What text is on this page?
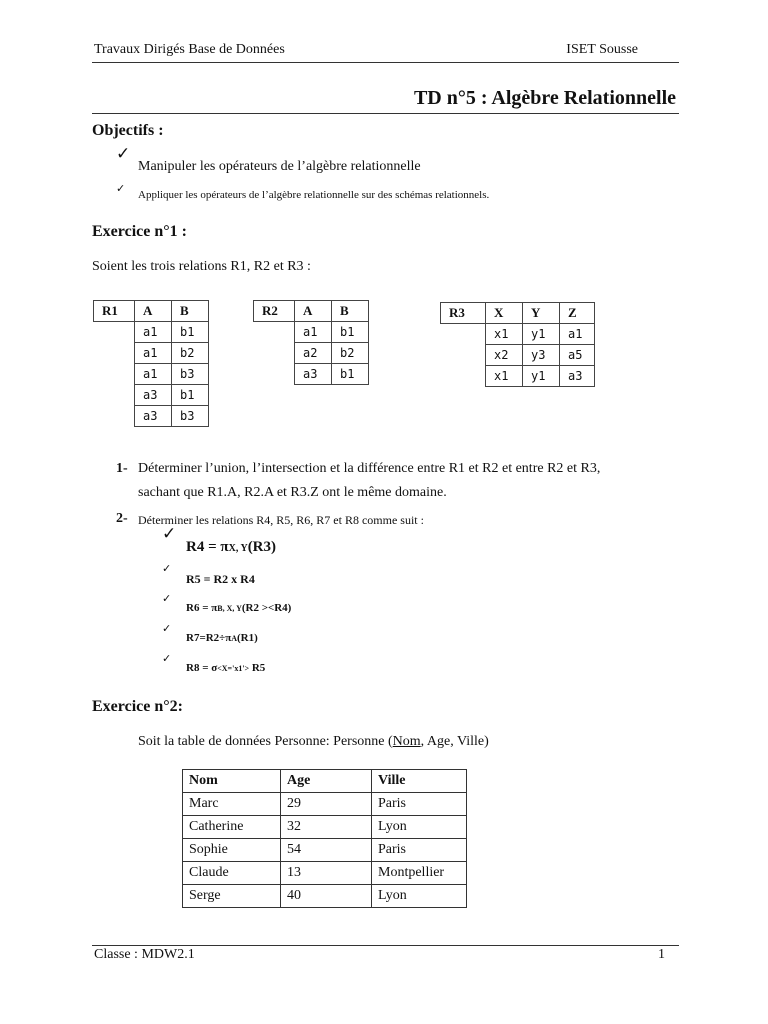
Travaux Dirigés Base de Données	ISET Sousse
TD n°5 : Algèbre Relationnelle
Objectifs :
✓
Manipuler les opérateurs de l’algèbre relationnelle
✓ Appliquer les opérateurs de l’algèbre relationnelle sur des schémas relationnels.
Exercice n°1 :
Soient les trois relations R1, R2 et R3 :
R1	A	B
	a1	b1
	a1	b2
	a1	b3
	a3	b1
	a3	b3
R2	A	B
	a1	b1
	a2	b2
	a3	b1
R3	X	Y	Z
	x1	y1	a1
	x2	y3	a5
	x1	y1	a3
1- Déterminer l’union, l’intersection et la différence entre R1 et R2 et entre R2 et R3,
sachant que R1.A, R2.A et R3.Z ont le même domaine.
2- Déterminer les relations R4, R5, R6, R7 et R8 comme suit :
✓
R4 = πX, Y(R3)
✓
R5 = R2 x R4
✓
R6 = πB, X, Y(R2 ><R4)
✓
R7=R2÷πA(R1)
✓
R8 = σ<X='x1'> R5
Exercice n°2:
Soit la table de données Personne: Personne (Nom, Age, Ville)
Nom	Age	Ville
Marc	29	Paris
Catherine	32	Lyon
Sophie	54	Paris
Claude	13	Montpellier
Serge	40	Lyon
Classe : MDW2.1	1
